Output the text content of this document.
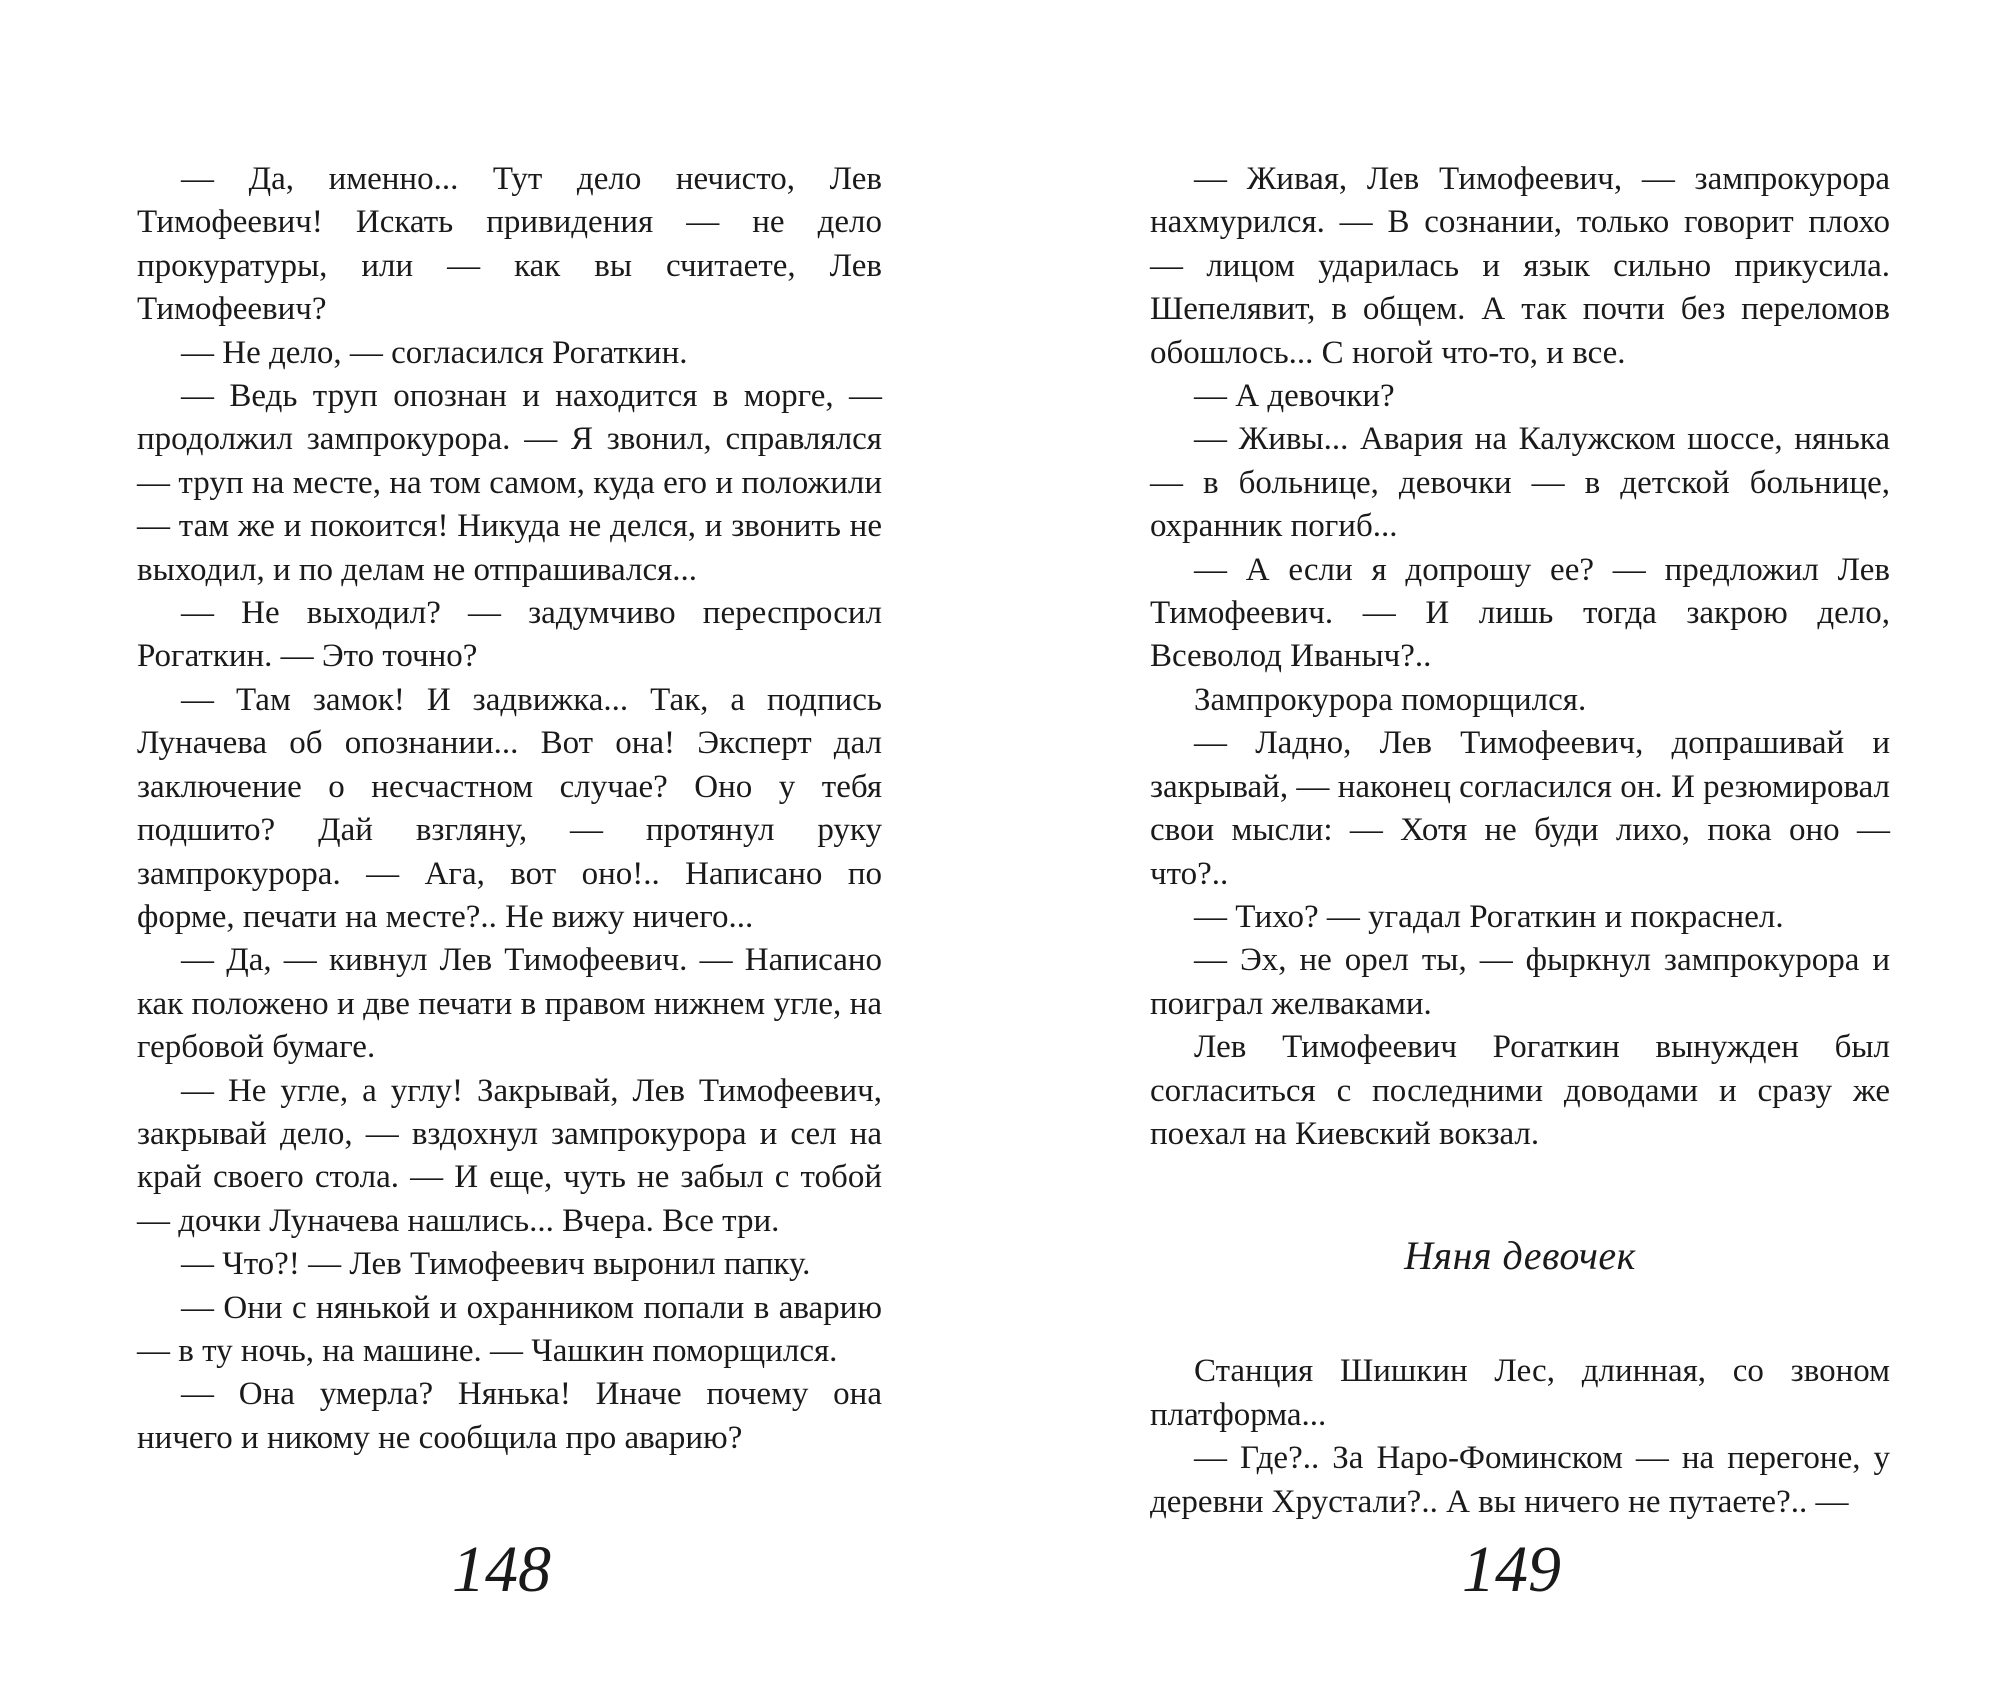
— Да, именно... Тут дело нечисто, Лев Тимофеевич! Искать привидения — не дело прокуратуры, или — как вы считаете, Лев Тимофеевич?

— Не дело, — согласился Рогаткин.

— Ведь труп опознан и находится в морге, — продолжил зампрокурора. — Я звонил, справлялся — труп на месте, на том самом, куда его и положили — там же и покоится! Никуда не делся, и звонить не выходил, и по делам не отпрашивался...

— Не выходил? — задумчиво переспросил Рогаткин. — Это точно?

— Там замок! И задвижка... Так, а подпись Луначева об опознании... Вот она! Эксперт дал заключение о несчастном случае? Оно у тебя подшито? Дай взгляну, — протянул руку зампрокурора. — Ага, вот оно!.. Написано по форме, печати на месте?.. Не вижу ничего...

— Да, — кивнул Лев Тимофеевич. — Написано как положено и две печати в правом нижнем угле, на гербовой бумаге.

— Не угле, а углу! Закрывай, Лев Тимофеевич, закрывай дело, — вздохнул зампрокурора и сел на край своего стола. — И еще, чуть не забыл с тобой — дочки Луначева нашлись... Вчера. Все три.

— Что?! — Лев Тимофеевич выронил папку.

— Они с нянькой и охранником попали в аварию — в ту ночь, на машине. — Чашкин поморщился.

— Она умерла? Нянька! Иначе почему она ничего и никому не сообщила про аварию?

148

— Живая, Лев Тимофеевич, — зампрокурора нахмурился. — В сознании, только говорит плохо — лицом ударилась и язык сильно прикусила. Шепелявит, в общем. А так почти без переломов обошлось... С ногой что-то, и все.

— А девочки?

— Живы... Авария на Калужском шоссе, нянька — в больнице, девочки — в детской больнице, охранник погиб...

— А если я допрошу ее? — предложил Лев Тимофеевич. — И лишь тогда закрою дело, Всеволод Иваныч?..

Зампрокурора поморщился.

— Ладно, Лев Тимофеевич, допрашивай и закрывай, — наконец согласился он. И резюмировал свои мысли: — Хотя не буди лихо, пока оно — что?..

— Тихо? — угадал Рогаткин и покраснел.

— Эх, не орел ты, — фыркнул зампрокурора и поиграл желваками.

Лев Тимофеевич Рогаткин вынужден был согласиться с последними доводами и сразу же поехал на Киевский вокзал.

Няня девочек

Станция Шишкин Лес, длинная, со звоном платформа...

— Где?.. За Наро-Фоминском — на перегоне, у деревни Хрустали?.. А вы ничего не путаете?.. —

149
